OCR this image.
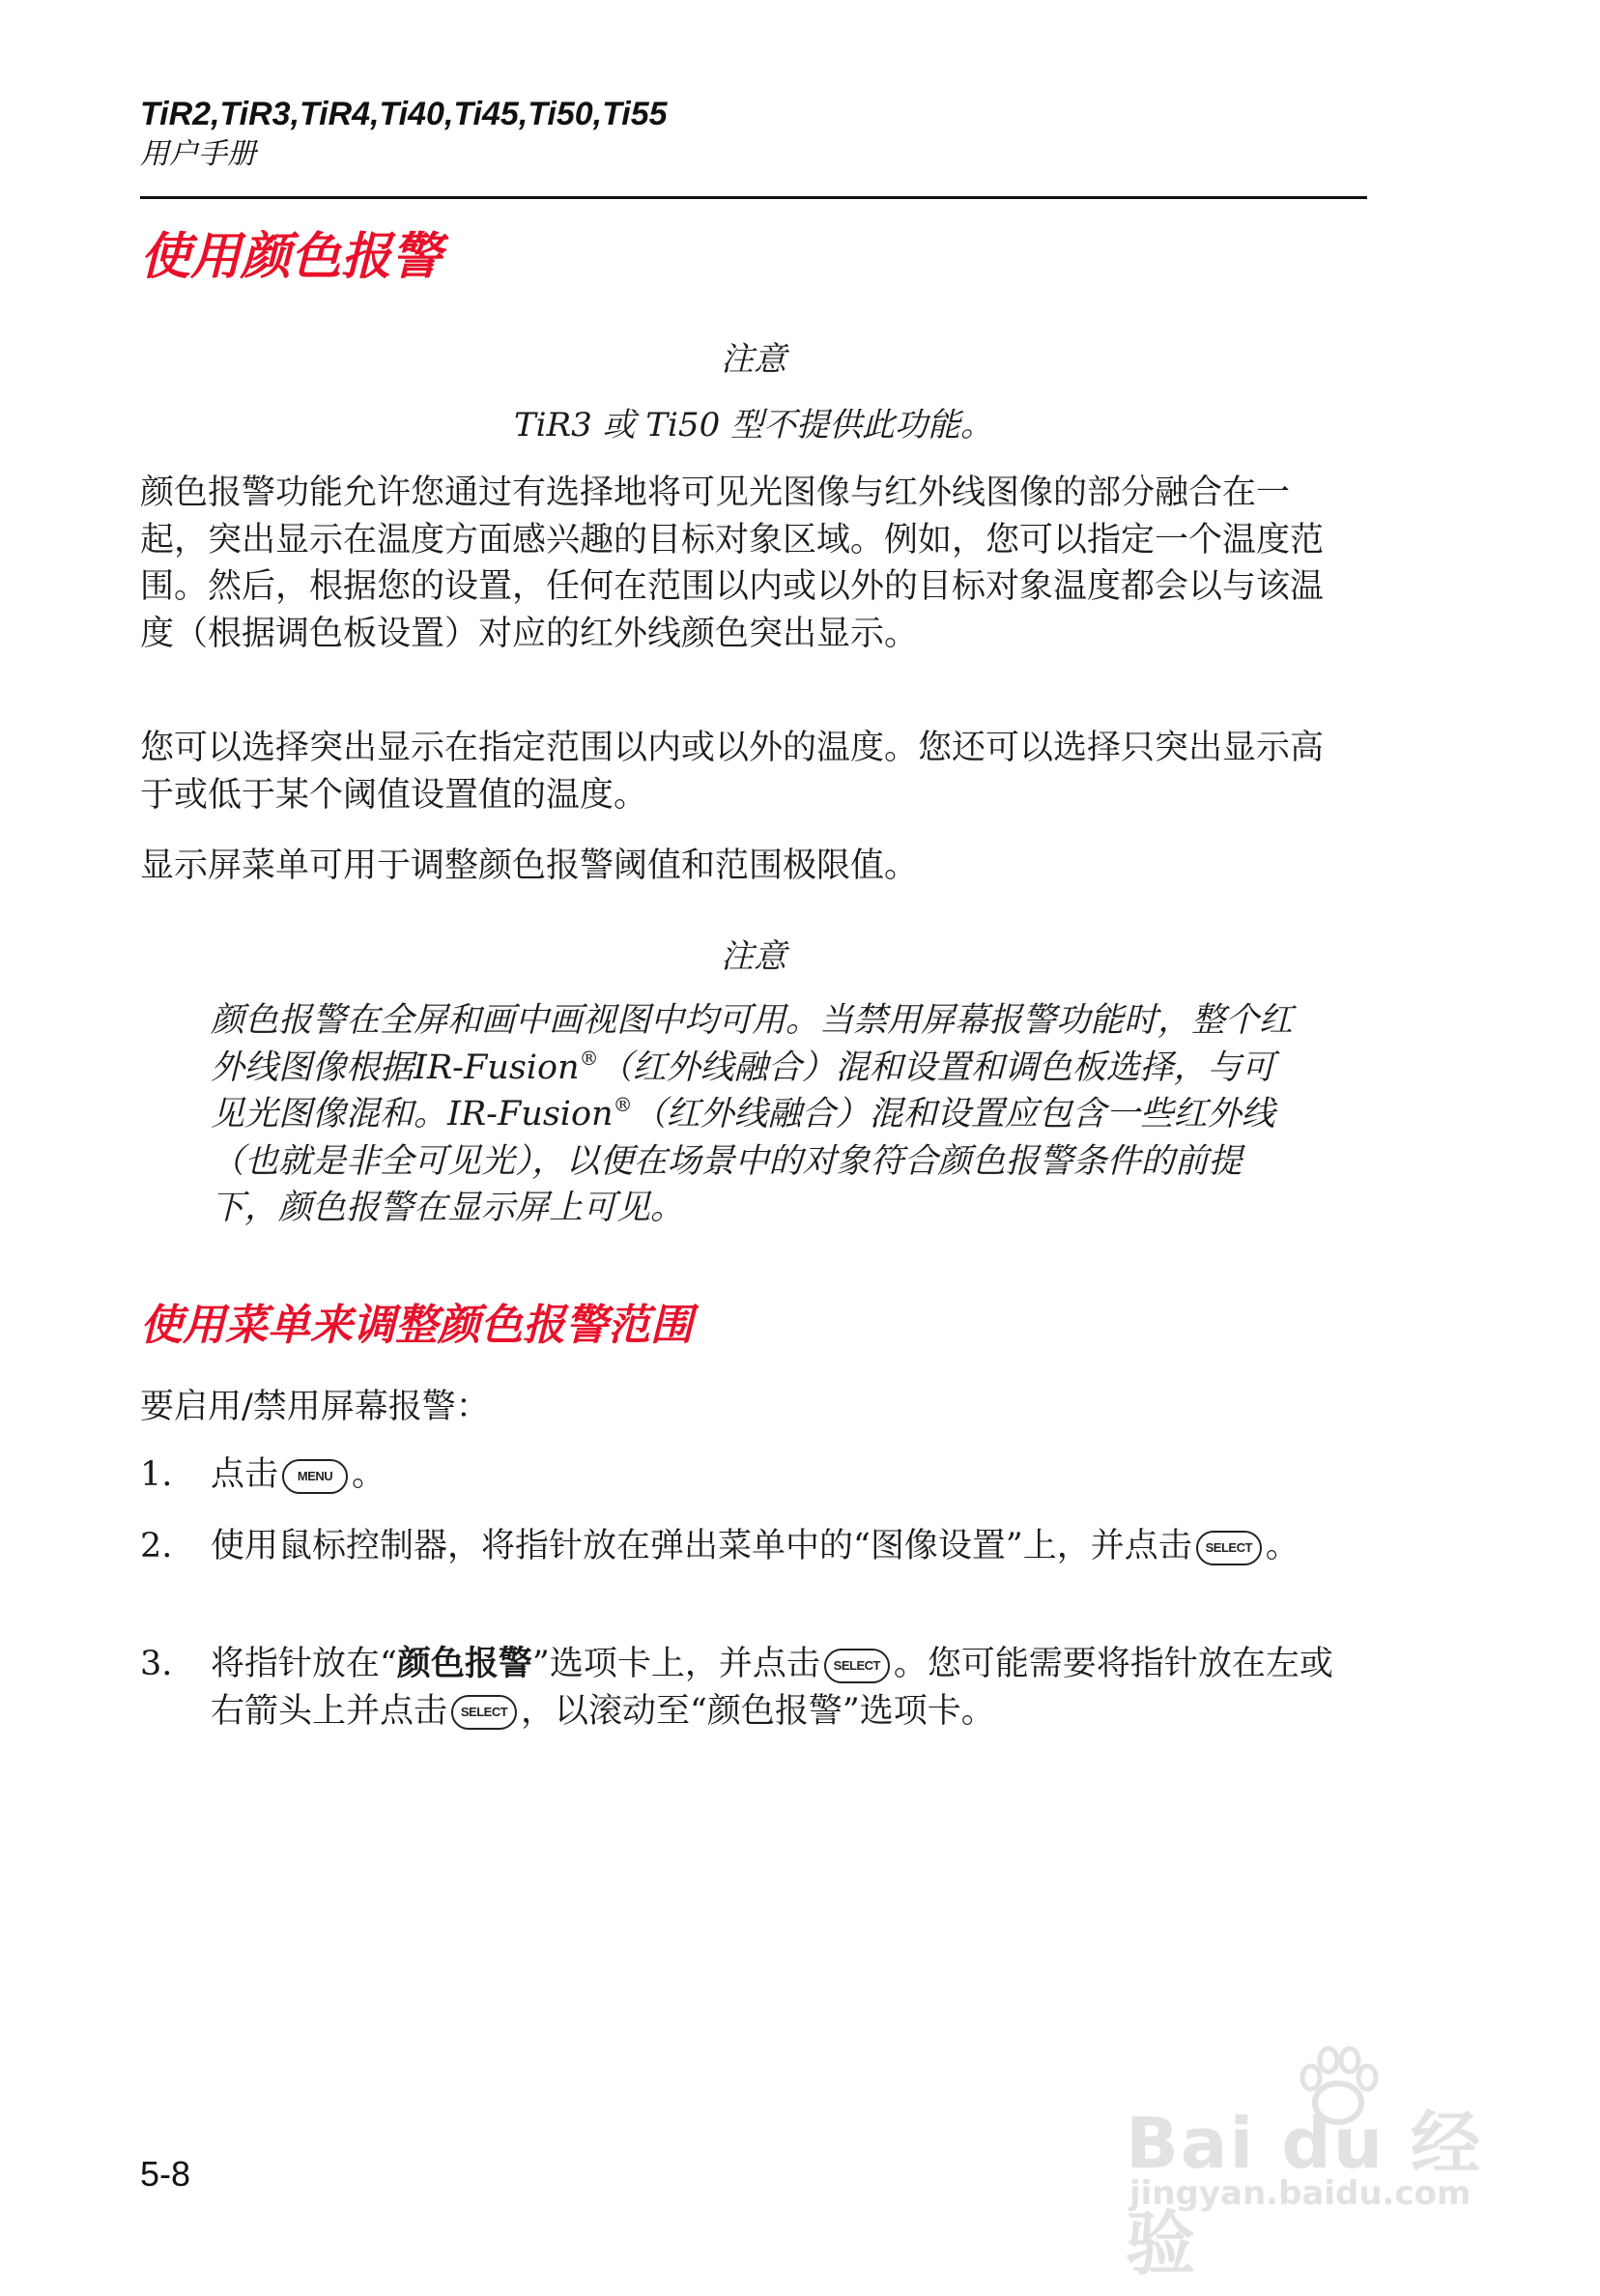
TiR2,TiR3,TiR4,Ti40,Ti45,Ti50,Ti55
用户手册
使用颜色报警
注意
TiR3 或 Ti50 型不提供此功能。

颜色报警功能允许您通过有选择地将可见光图像与红外线图像的部分融合在一起，突出显示在温度方面感兴趣的目标对象区域。例如，您可以指定一个温度范围。然后，根据您的设置，任何在范围以内或以外的目标对象温度都会以与该温度（根据调色板设置）对应的红外线颜色突出显示。

您可以选择突出显示在指定范围以内或以外的温度。您还可以选择只突出显示高于或低于某个阈值设置值的温度。

显示屏菜单可用于调整颜色报警阈值和范围极限值。

注意

颜色报警在全屏和画中画视图中均可用。当禁用屏幕报警功能时，整个红外线图像根据IR-Fusion®（红外线融合）混和设置和调色板选择，与可见光图像混和。IR-Fusion®（红外线融合）混和设置应包含一些红外线（也就是非全可见光），以便在场景中的对象符合颜色报警条件的前提下，颜色报警在显示屏上可见。

使用菜单来调整颜色报警范围

要启用/禁用屏幕报警：

1.	点击 MENU 。
2.	使用鼠标控制器，将指针放在弹出菜单中的“图像设置”上，并点击 SELECT 。
3.	将指针放在“颜色报警”选项卡上，并点击 SELECT 。您可能需要将指针放在左或右箭头上并点击 SELECT ，以滚动至“颜色报警”选项卡。
5-8	Bai du 经验
jingyan.baidu.com
